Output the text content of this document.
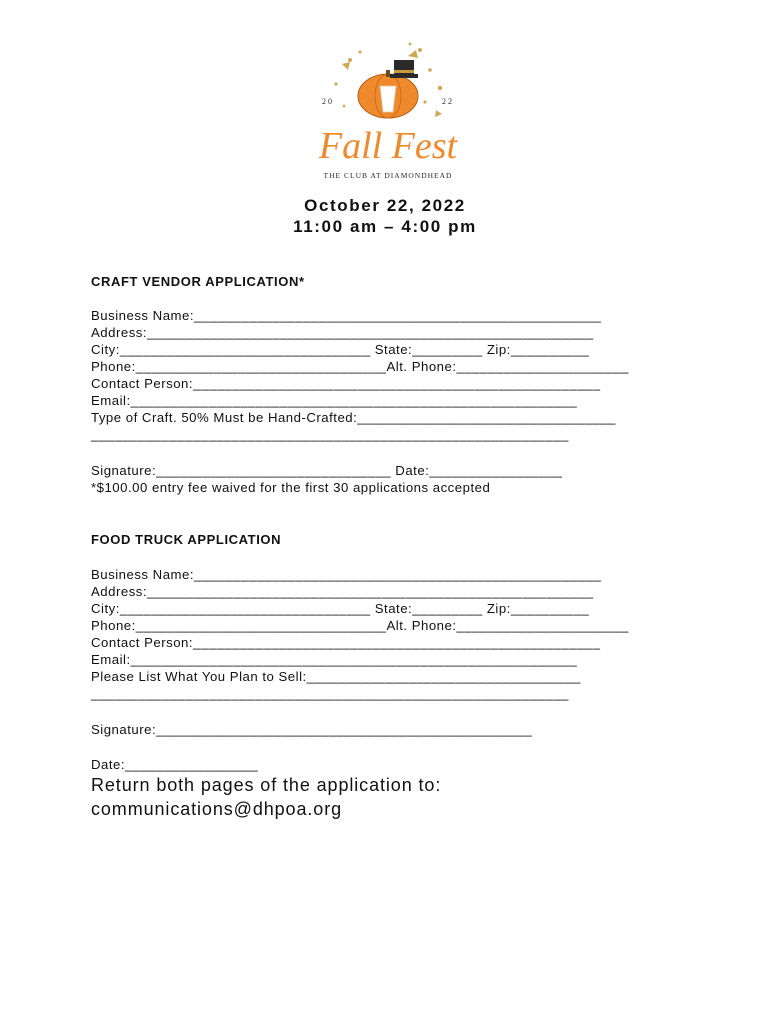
2 0	2 2
Fall Fest
THE CLUB AT DIAMONDHEAD
October 22, 2022
11:00 am – 4:00 pm
CRAFT VENDOR APPLICATION*
Business Name:____________________________________________________
Address:_________________________________________________________
City:________________________________ State:_________ Zip:__________
Phone:________________________________Alt. Phone:______________________
Contact Person:____________________________________________________
Email:_________________________________________________________
Type of Craft. 50% Must be Hand-Crafted:_________________________________
_____________________________________________________________
Signature:______________________________ Date:_________________
*$100.00 entry fee waived for the first 30 applications accepted
FOOD TRUCK APPLICATION
Business Name:____________________________________________________
Address:_________________________________________________________
City:________________________________ State:_________ Zip:__________
Phone:________________________________Alt. Phone:______________________
Contact Person:____________________________________________________
Email:_________________________________________________________
Please List What You Plan to Sell:___________________________________
_____________________________________________________________
Signature:________________________________________________
Date:_________________
Return both pages of the application to:
communications@dhpoa.org
